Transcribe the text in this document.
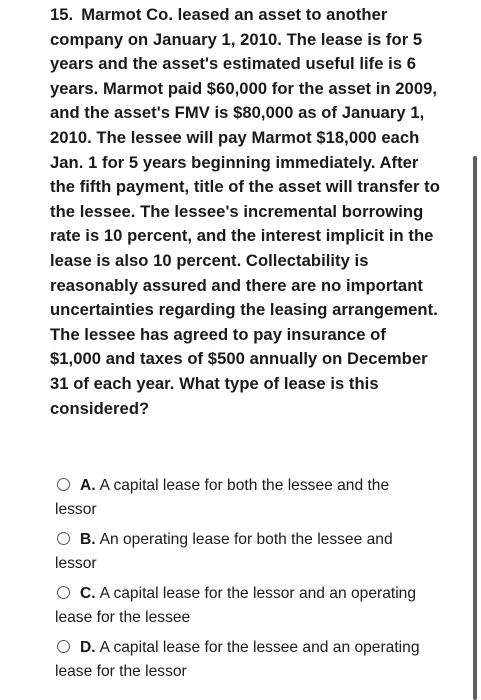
15. Marmot Co. leased an asset to another company on January 1, 2010. The lease is for 5 years and the asset's estimated useful life is 6 years. Marmot paid $60,000 for the asset in 2009, and the asset's FMV is $80,000 as of January 1, 2010. The lessee will pay Marmot $18,000 each Jan. 1 for 5 years beginning immediately. After the fifth payment, title of the asset will transfer to the lessee. The lessee's incremental borrowing rate is 10 percent, and the interest implicit in the lease is also 10 percent. Collectability is reasonably assured and there are no important uncertainties regarding the leasing arrangement. The lessee has agreed to pay insurance of $1,000 and taxes of $500 annually on December 31 of each year. What type of lease is this considered?

A. A capital lease for both the lessee and the lessor
B. An operating lease for both the lessee and lessor
C. A capital lease for the lessor and an operating lease for the lessee
D. A capital lease for the lessee and an operating lease for the lessor
